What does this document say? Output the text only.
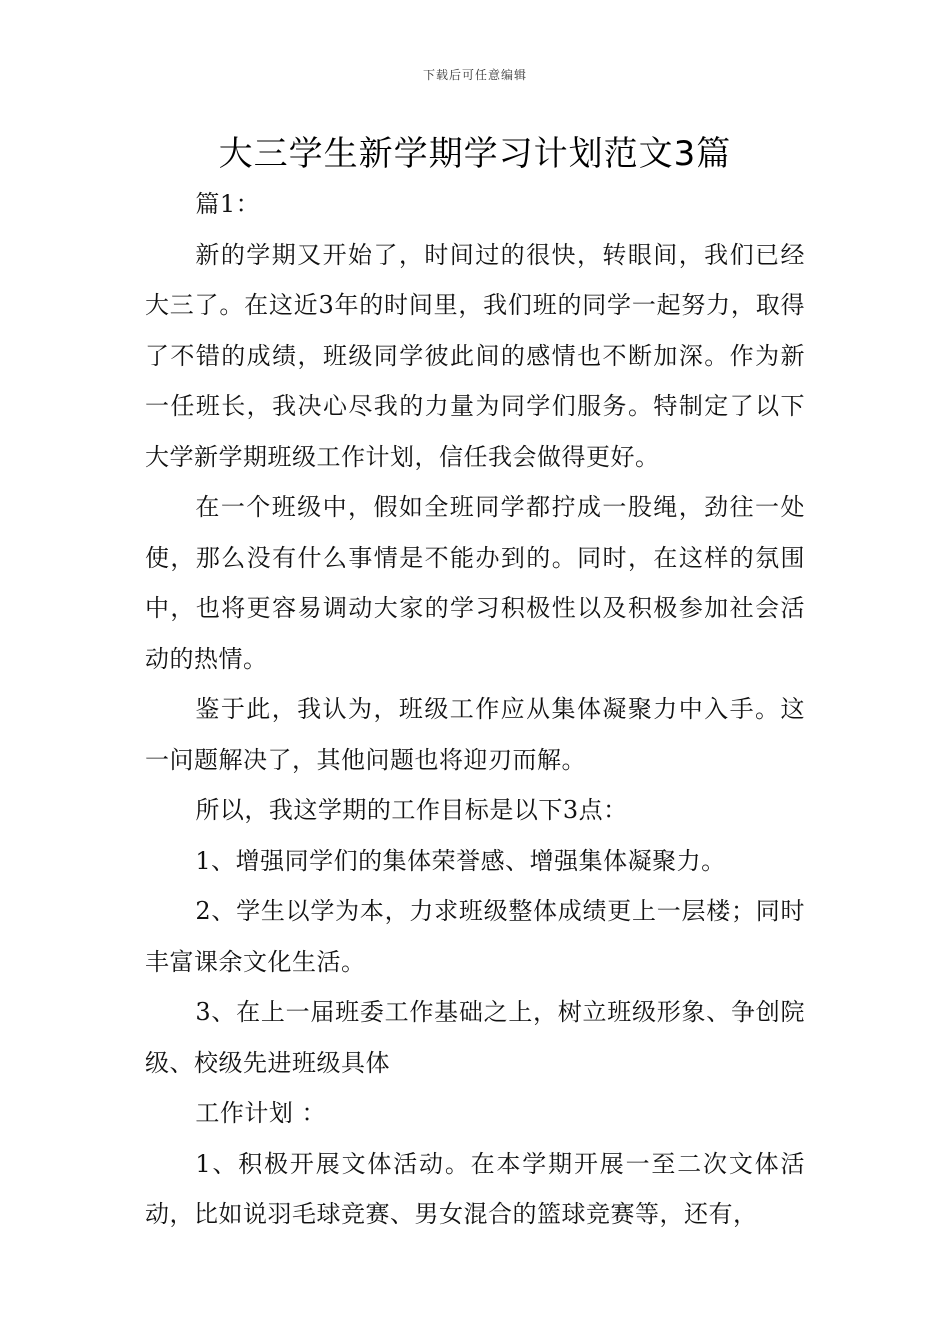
下载后可任意编辑
大三学生新学期学习计划范文3篇

篇1：

新的学期又开始了，时间过的很快，转眼间，我们已经大三了。在这近3年的时间里，我们班的同学一起努力，取得了不错的成绩，班级同学彼此间的感情也不断加深。作为新一任班长，我决心尽我的力量为同学们服务。特制定了以下大学新学期班级工作计划，信任我会做得更好。

在一个班级中，假如全班同学都拧成一股绳，劲往一处使，那么没有什么事情是不能办到的。同时，在这样的氛围中，也将更容易调动大家的学习积极性以及积极参加社会活动的热情。

鉴于此，我认为，班级工作应从集体凝聚力中入手。这一问题解决了，其他问题也将迎刃而解。

所以，我这学期的工作目标是以下3点：

1、增强同学们的集体荣誉感、增强集体凝聚力。

2、学生以学为本，力求班级整体成绩更上一层楼；同时丰富课余文化生活。

3、在上一届班委工作基础之上，树立班级形象、争创院级、校级先进班级具体

工作计划 ：

1、积极开展文体活动。在本学期开展一至二次文体活动，比如说羽毛球竞赛、男女混合的篮球竞赛等，还有，
